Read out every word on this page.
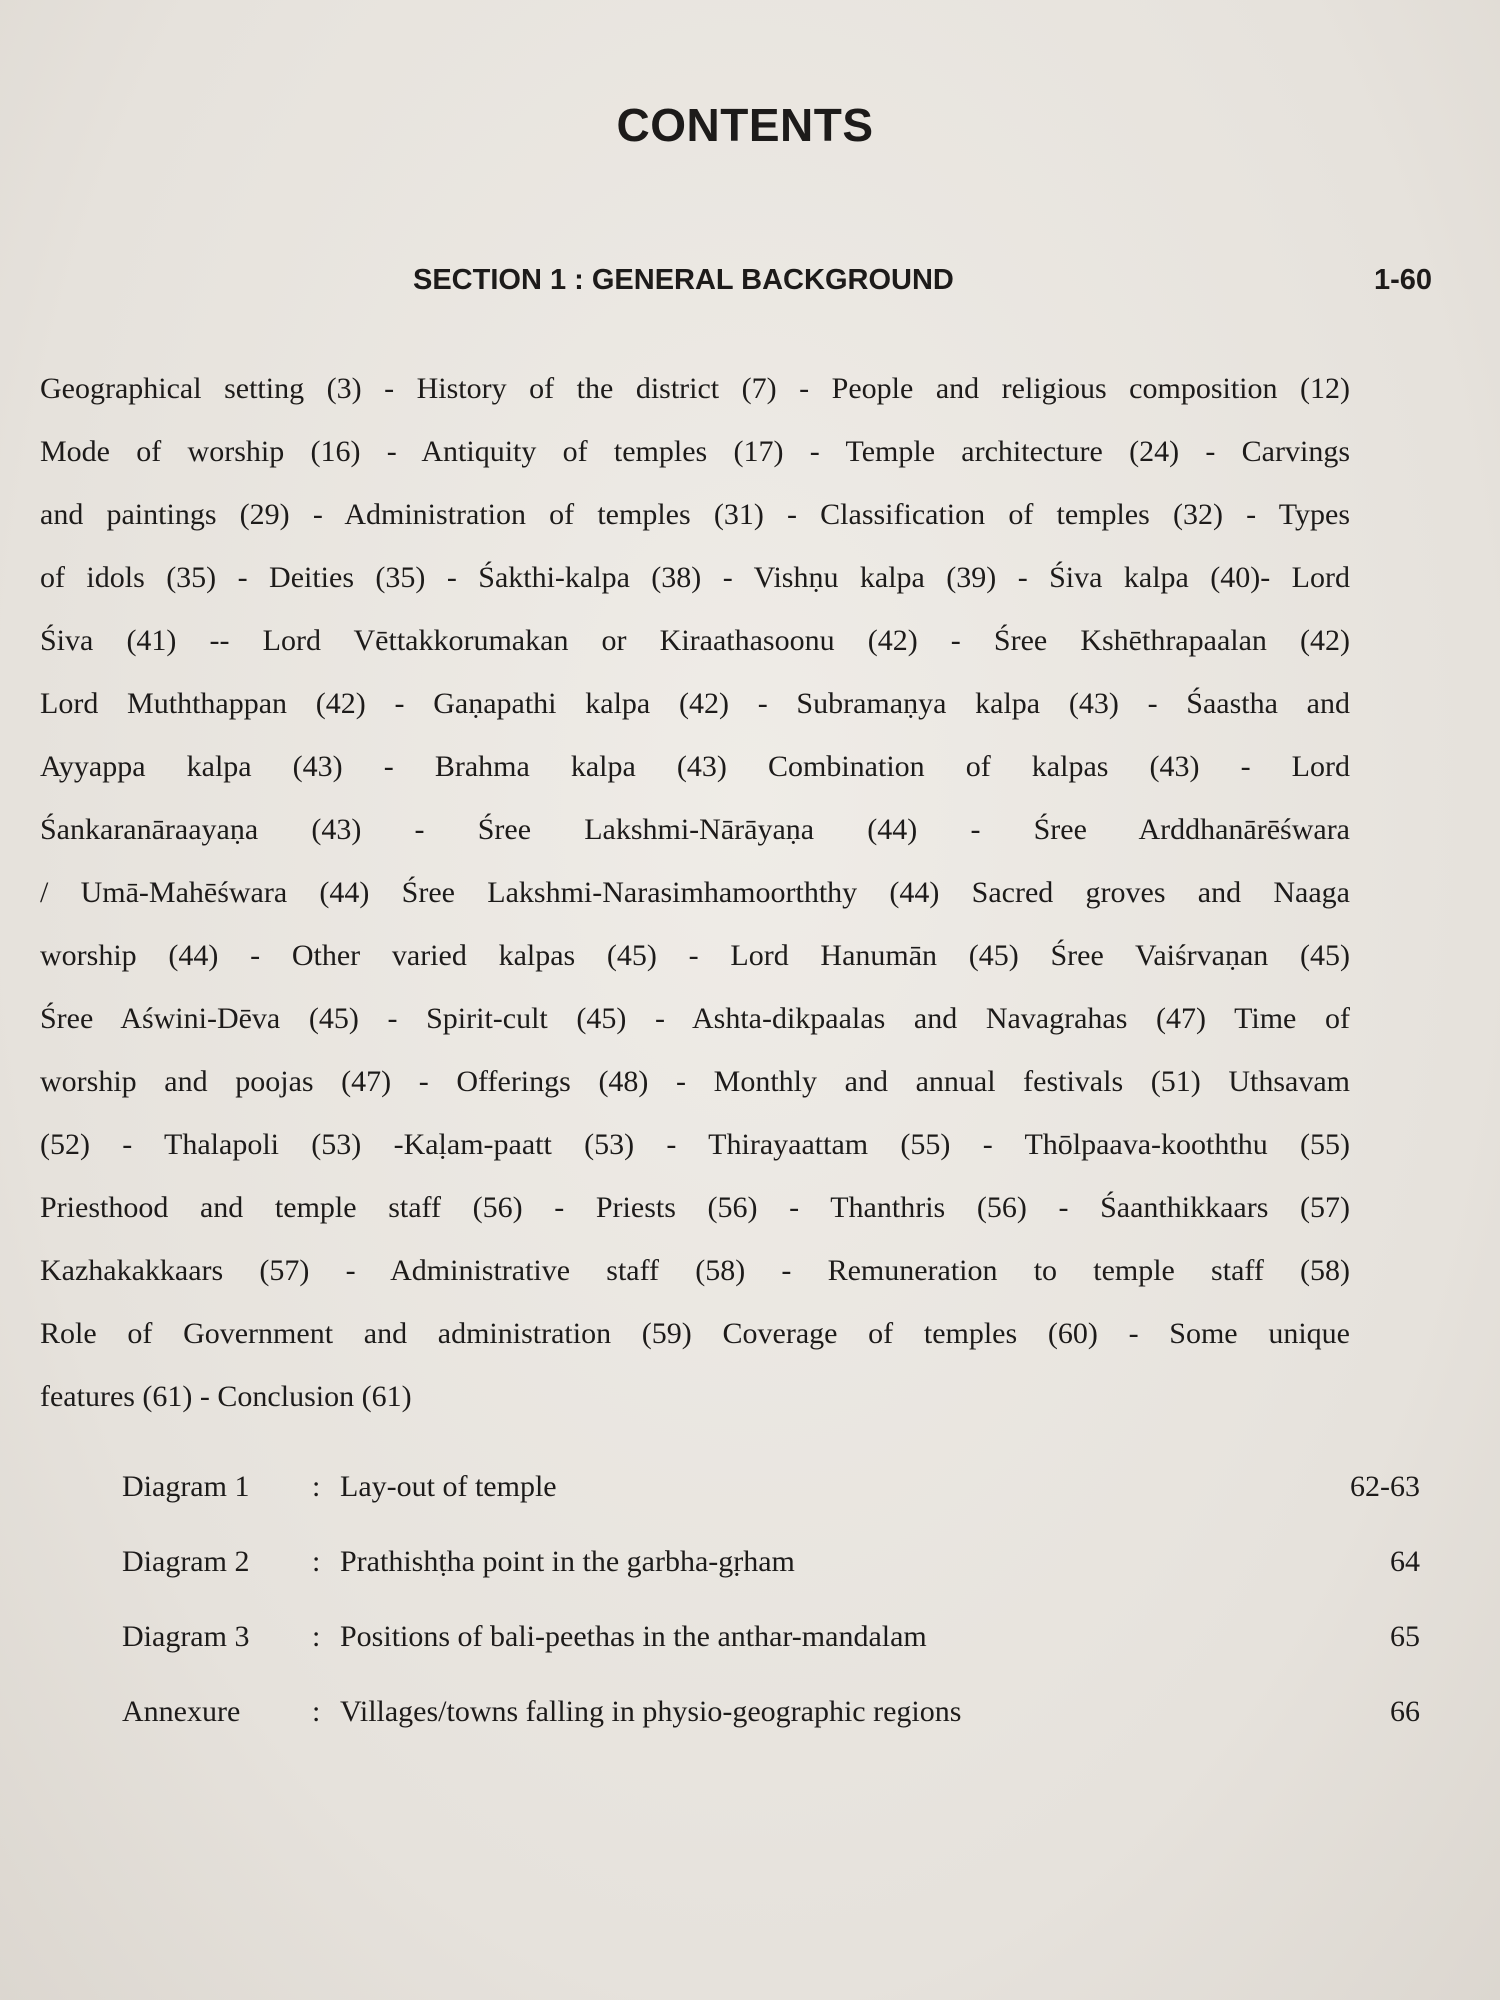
CONTENTS
SECTION 1 : GENERAL BACKGROUND	1-60
Geographical setting (3) - History of the district (7) - People and religious composition (12)
Mode of worship (16) - Antiquity of temples (17) - Temple architecture (24) - Carvings
and paintings (29) - Administration of temples (31) - Classification of temples (32) - Types
of idols (35) - Deities (35) - Śakthi-kalpa (38) - Vishṇu kalpa (39) - Śiva kalpa (40)- Lord
Śiva (41) -- Lord Vēttakkorumakan or Kiraathasoonu (42) - Śree Kshēthrapaalan (42)
Lord Muththappan (42) - Gaṇapathi kalpa (42) - Subramaṇya kalpa (43) - Śaastha and
Ayyappa kalpa (43) - Brahma kalpa (43) Combination of kalpas (43) - Lord
Śankaranāraayaṇa (43) - Śree Lakshmi-Nārāyaṇa (44) - Śree Arddhanārēśwara
/ Umā-Mahēśwara (44) Śree Lakshmi-Narasimhamoorththy (44) Sacred groves and Naaga
worship (44) - Other varied kalpas (45) - Lord Hanumān (45) Śree Vaiśrvaṇan (45)
Śree Aświni-Dēva (45) - Spirit-cult (45) - Ashta-dikpaalas and Navagrahas (47) Time of
worship and poojas (47) - Offerings (48) - Monthly and annual festivals (51) Uthsavam
(52) - Thalapoli (53) -Kaḷam-paatt (53) - Thirayaattam (55) - Thōlpaava-kooththu (55)
Priesthood and temple staff (56) - Priests (56) - Thanthris (56) - Śaanthikkaars (57)
Kazhakakkaars (57) - Administrative staff (58) - Remuneration to temple staff (58)
Role of Government and administration (59) Coverage of temples (60) - Some unique
features (61) - Conclusion (61)
Diagram 1 : Lay-out of temple	62-63
Diagram 2 : Prathishṭha point in the garbha-gṛham	64
Diagram 3 : Positions of bali-peethas in the anthar-mandalam	65
Annexure : Villages/towns falling in physio-geographic regions	66
